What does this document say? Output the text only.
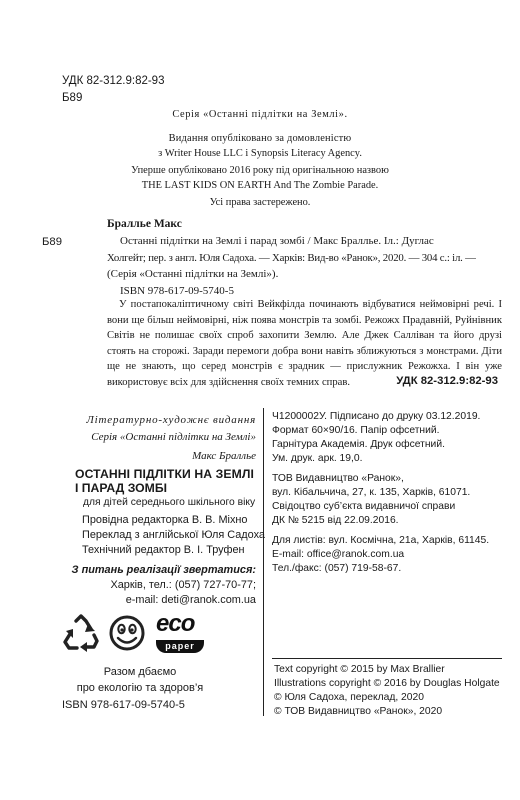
УДК 82-312.9:82-93
Б89
Серія «Останні підлітки на Землі».
Видання опубліковано за домовленістю
з Writer House LLC і Synopsis Literacy Agency.
Уперше опубліковано 2016 року під оригінальною назвою
THE LAST KIDS ON EARTH And The Zombie Parade.
Усі права застережено.
Браллье Макс
Б89	Останні підлітки на Землі і парад зомбі / Макс Браллье. Іл.: Дуглас
Холгейт; пер. з англ. Юля Садоха. — Харків: Вид-во «Ранок», 2020. — 304 с.: іл. —
(Серія «Останні підлітки на Землі»).
ISBN 978-617-09-5740-5
У постапокаліптичному світі Вейкфілда починають відбуватися неймовірні речі. І вони ще більш неймовірні, ніж поява монстрів та зомбі. Режожх Прадавній, Руйнівник Світів не полишає своїх спроб захопити Землю. Але Джек Салліван та його друзі стоять на сторожі. Заради перемоги добра вони навіть зближуються з монстрами. Діти ще не знають, що серед монстрів є зрадник — прислужник Режожха. І він уже використовує всіх для здійснення своїх темних справ.	УДК 82-312.9:82-93
Літературно-художнє видання
Серія «Останні підлітки на Землі»
Макс Браллье
ОСТАННІ ПІДЛІТКИ НА ЗЕМЛІ
І ПАРАД ЗОМБІ
для дітей середнього шкільного віку
Провідна редакторка В. В. Міхно
Переклад з англійської Юля Садоха
Технічний редактор В. І. Труфен
З питань реалізації звертатися:
Харків, тел.: (057) 727-70-77;
e-mail: deti@ranok.com.ua
eco
paper
Разом дбаємо
про екологію та здоров’я
ISBN 978-617-09-5740-5
Ч1200002У. Підписано до друку 03.12.2019.
Формат 60×90/16. Папір офсетний.
Гарнітура Академія. Друк офсетний.
Ум. друк. арк. 19,0.
ТОВ Видавництво «Ранок»,
вул. Кібальчича, 27, к. 135, Харків, 61071.
Свідоцтво суб’єкта видавничої справи
ДК № 5215 від 22.09.2016.
Для листів: вул. Космічна, 21а, Харків, 61145.
E-mail: office@ranok.com.ua
Тел./факс: (057) 719-58-67.
Text copyright © 2015 by Max Brallier
Illustrations copyright © 2016 by Douglas Holgate
© Юля Садоха, переклад, 2020
© ТОВ Видавництво «Ранок», 2020
